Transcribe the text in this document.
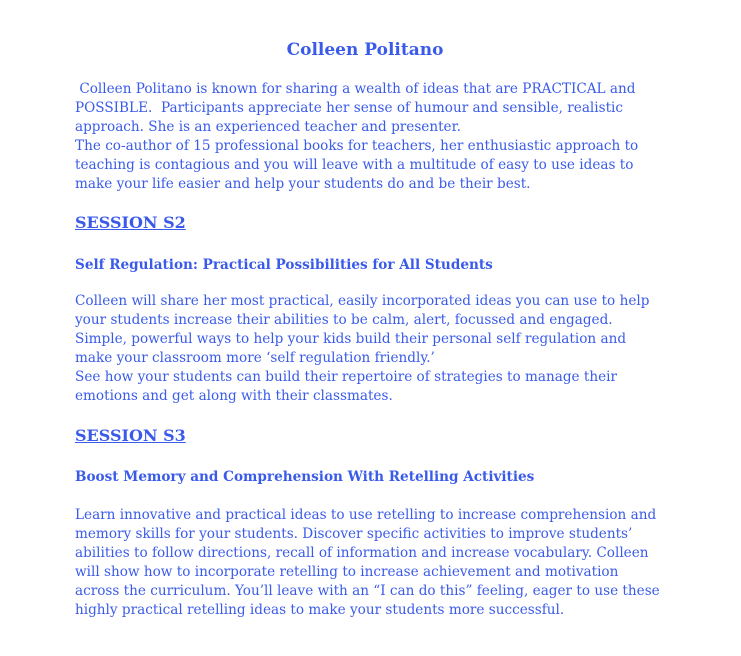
Colleen Politano
Colleen Politano is known for sharing a wealth of ideas that are PRACTICAL and
POSSIBLE.  Participants appreciate her sense of humour and sensible, realistic
approach. She is an experienced teacher and presenter.
The co-author of 15 professional books for teachers, her enthusiastic approach to
teaching is contagious and you will leave with a multitude of easy to use ideas to
make your life easier and help your students do and be their best.
SESSION S2
Self Regulation: Practical Possibilities for All Students
Colleen will share her most practical, easily incorporated ideas you can use to help
your students increase their abilities to be calm, alert, focussed and engaged.
Simple, powerful ways to help your kids build their personal self regulation and
make your classroom more ‘self regulation friendly.’
See how your students can build their repertoire of strategies to manage their
emotions and get along with their classmates.
SESSION S3
Boost Memory and Comprehension With Retelling Activities
Learn innovative and practical ideas to use retelling to increase comprehension and
memory skills for your students. Discover specific activities to improve students’
abilities to follow directions, recall of information and increase vocabulary. Colleen
will show how to incorporate retelling to increase achievement and motivation
across the curriculum. You’ll leave with an “I can do this” feeling, eager to use these
highly practical retelling ideas to make your students more successful.
